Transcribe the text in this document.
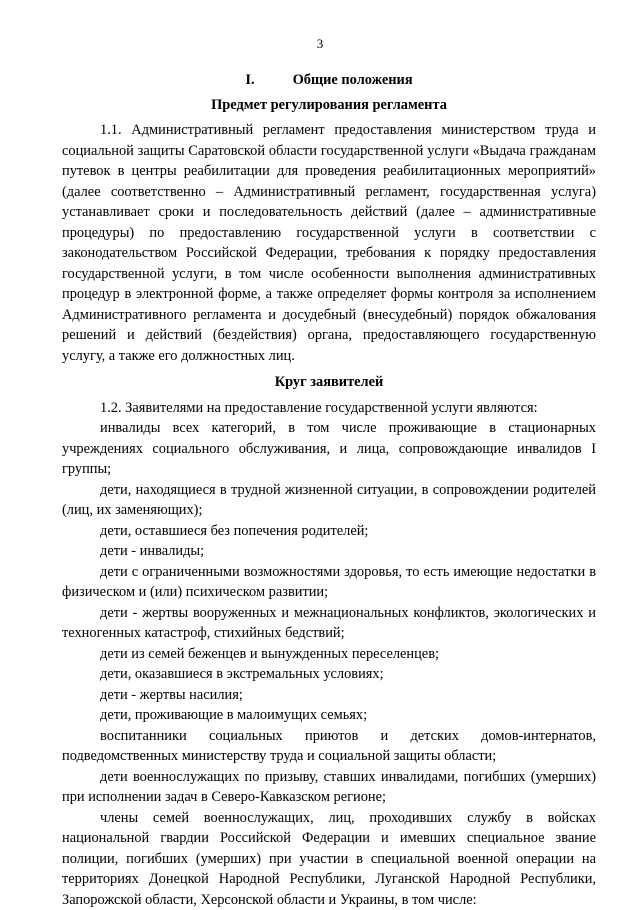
3

I.	Общие положения

Предмет регулирования регламента

1.1. Административный регламент предоставления министерством труда и социальной защиты Саратовской области государственной услуги «Выдача гражданам путевок в центры реабилитации для проведения реабилитационных мероприятий» (далее соответственно – Административный регламент, государственная услуга) устанавливает сроки и последовательность действий (далее – административные процедуры) по предоставлению государственной услуги в соответствии с законодательством Российской Федерации, требования к порядку предоставления государственной услуги, в том числе особенности выполнения административных процедур в электронной форме, а также определяет формы контроля за исполнением Административного регламента и досудебный (внесудебный) порядок обжалования решений и действий (бездействия) органа, предоставляющего государственную услугу, а также его должностных лиц.

Круг заявителей

1.2. Заявителями на предоставление государственной услуги являются:

инвалиды всех категорий, в том числе проживающие в стационарных учреждениях социального обслуживания, и лица, сопровождающие инвалидов I группы;

дети, находящиеся в трудной жизненной ситуации, в сопровождении родителей (лиц, их заменяющих);

дети, оставшиеся без попечения родителей;

дети - инвалиды;

дети с ограниченными возможностями здоровья, то есть имеющие недостатки в физическом и (или) психическом развитии;

дети - жертвы вооруженных и межнациональных конфликтов, экологических и техногенных катастроф, стихийных бедствий;

дети из семей беженцев и вынужденных переселенцев;

дети, оказавшиеся в экстремальных условиях;

дети - жертвы насилия;

дети, проживающие в малоимущих семьях;

воспитанники социальных приютов и детских домов-интернатов, подведомственных министерству труда и социальной защиты области;

дети военнослужащих по призыву, ставших инвалидами, погибших (умерших) при исполнении задач в Северо-Кавказском регионе;

члены семей военнослужащих, лиц, проходивших службу в войсках национальной гвардии Российской Федерации и имевших специальное звание полиции, погибших (умерших) при участии в специальной военной операции на территориях Донецкой Народной Республики, Луганской Народной Республики, Запорожской области, Херсонской области и Украины, в том числе:
